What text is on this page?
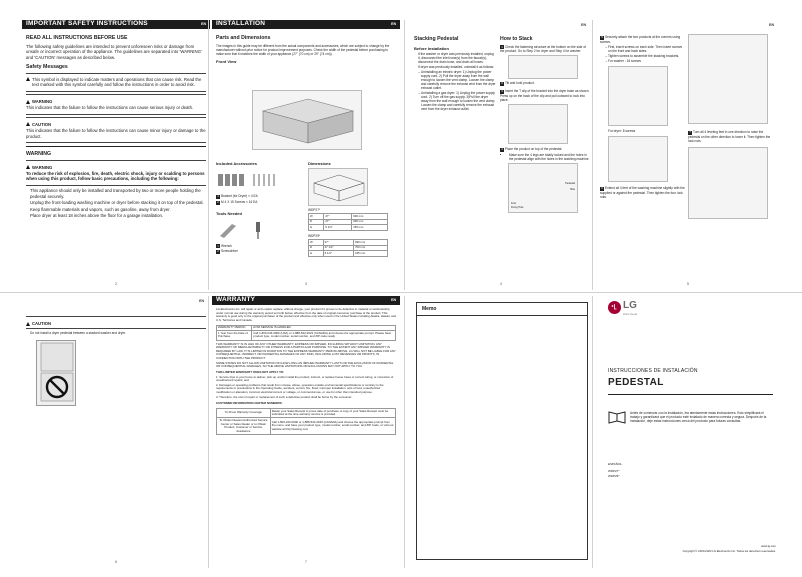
IMPORTANT SAFETY INSTRUCTIONS	EN
READ ALL INSTRUCTIONS BEFORE USE

The following safety guidelines are intended to prevent unforeseen risks or damage from unsafe or incorrect operation of the appliance. The guidelines are separated into 'WARNING' and 'CAUTION' messages as described below.

Safety Messages

This symbol is displayed to indicate matters and operations that can cause risk. Read the text marked with this symbol carefully and follow the instructions in order to avoid risk.

WARNING

This indicates that the failure to follow the instructions can cause serious injury or death.

CAUTION

This indicates that the failure to follow the instructions can cause minor injury or damage to the product.

WARNING
WARNING

To reduce the risk of explosion, fire, death, electric shock, injury or scalding to persons when using this product, follow basic precautions, including the following:

• This appliance should only be installed and transported by two or more people holding the pedestal securely.
• Unplug the front-loading washing machine or dryer before stacking it on top of the pedestal.
• Keep flammable materials and vapors, such as gasoline, away from dryer.
• Place dryer at least 18 inches above the floor for a garage installation.
2
INSTALLATION	EN
Parts and Dimensions

The images in this guide may be different from the actual components and accessories, which are subject to change by the manufacturer without prior notice for product improvement purposes. Check the width of the pedestal before purchasing to make sure that it matches the width of your appliance (27" (70 cm) or 29" (74 cm)).

Front View
Included Accessories

1 Bracket (for Dryer) × 4 EA

2 M 4 X 15 Screws × 16 EA

Tools Needed

1 Wrench

2 Screwdriver

Dimensions

WDP27*

W	27"	690 mm
D	27"	690 mm
H	6 1/4"	155 mm

WDP29*

W	27"	690 mm
D	27 1/4"	700 mm
H	6 1/4"	155 mm
3
EN
Stacking Pedestal
Before Installation
• If the washer or dryer was previously installed, unplug it, disconnect the inlet hose(s) from the faucet(s), disconnect the drain hose, and drain all hoses.
• If dryer was previously installed, uninstall it as follows:
– Uninstalling an electric dryer: 1) Unplug the power supply cord. 2) Pull the dryer away from the wall enough to loosen the vent clamp. Loosen the clamp and carefully remove the exhaust vent from the dryer exhaust outlet.
– Uninstalling a gas dryer: 1) Unplug the power supply cord. 2) Turn off the gas supply. 3)Pull the dryer away from the wall enough to loosen the vent clamp. Loosen the clamp and carefully remove the exhaust vent from the dryer exhaust outlet.
How to Stack

1 Check the fastening structure at the bottom on the side of the product. Go to Step 2 for dryer and Step 4 for washer.

2 Tilt and hold product.

3 Insert the T clip of the bracket into the dryer base as shown. Press up on the back of the clip and pull outward to lock into place.

4 Place the product on top of the pedestal.

• Make sure the 4 legs are totally locked and the holes in the pedestal align with the holes in the washing machine.
Pedestal
Hole
Foot
Fixing Hole
4
EN

5 Securely attach the two products at the corners using screws.

– First, insert screws on each side. Then insert screws on the front and back sides.
– Tighten screws to assemble the stacking brackets.
– For washer : 16 screws

For dryer: 8 screws

6 Extend all 4 feet of the washing machine slightly with the supplied or against the pedestal. Then tighten the four lock nuts.

7 Turn all 4 leveling feet in one direction to raise the pedestal on the other direction to lower it. Then tighten the lock nuts.

5
EN
CAUTION
• Do not install a dryer pedestal between a stacked washer and dryer.
6
WARRANTY	EN

LG Electronics Inc. will repair or at its option replace, without charge, your product if it proves to be defective in material or workmanship under normal use during the warranty period set forth below, effective from the date of original consumer purchase of the product. This warranty is good only to the original purchaser of the product and effective only when used in the United States including Alaska, Hawaii, and U.S. Territories and Canada.

WARRANTY PERIOD	HOW SERVICE IS HANDLED
1 Year from the Date of Purchase	Call 1-800-243-0000 (USA) or 1-888-542-2623 (CANADA) and choose the appropriate prompt. Please have product type, model number, serial number, and ZIP code ready.

THIS WARRANTY IS IN LIEU OF ANY OTHER WARRANTY, EXPRESS OR IMPLIED, INCLUDING WITHOUT LIMITATION, ANY WARRANTY OF MERCHANTABILITY OR FITNESS FOR A PARTICULAR PURPOSE. TO THE EXTENT ANY IMPLIED WARRANTY IS REQUIRED BY LAW, IT IS LIMITED IN DURATION TO THE EXPRESS WARRANTY PERIOD ABOVE. LG WILL NOT BE LIABLE FOR ANY CONSEQUENTIAL, INDIRECT, OR INCIDENTAL DAMAGES OF ANY KIND, INCLUDING LOST REVENUES OR PROFITS, IN CONNECTION WITH THE PRODUCT.

SOME STATES DO NOT ALLOW LIMITATION ON HOW LONG AN IMPLIED WARRANTY LASTS OR THE EXCLUSION OF INCIDENTAL OR CONSEQUENTIAL DAMAGES, SO THE ABOVE LIMITATIONS OR EXCLUSIONS MAY NOT APPLY TO YOU.

THIS LIMITED WARRANTY DOES NOT APPLY TO:

1. Service trips to your home to deliver, pick up, and/or install the product, instruct, or replace house fuses or correct wiring, or correction of unauthorized repairs; and

2. Damages or operating problems that result from misuse, abuse, operation outside environmental specifications or contrary to the requirements or precautions in the Operating Guide, accident, vermin, fire, flood, improper installation, acts of God, unauthorized modification or alteration, incorrect electrical current or voltage, or commercial use, or use for other than intended purpose.

3. Therefore, the cost of repair or replacement of such a defective product shall be borne by the consumer.

CUSTOMER INFORMATION CENTER NUMBERS:

To Prove Warranty Coverage	Retain your Sales Receipt to prove date of purchase. A copy of your Sales Receipt must be submitted at the time warranty service is provided.
To Obtain Nearest Authorized Service Center or Sales Dealer or to Obtain Product, Customer or Service Assistance	Call 1-800-243-0000 or 1-888-542-2623 (CANADA) and choose the appropriate prompt from the menu, and have your product type, model number, serial number, and ZIP Code, or visit our website at http://www.lg.com
7
Memo	LG
Life's Good
INSTRUCCIONES DE INSTALACIÓN
PEDESTAL

Antes de comenzar con la instalación, lea atentamente estas instrucciones. Esto simplificará el trabajo y garantizará que el producto esté instalado de manera correcta y segura. Después de la instalación, deje estas instrucciones cerca del producto para futuras consultas.

ESPAÑOL

WDP27*

WDP29*

www.lg.com

Copyright © 2020-2022 LG Electronics Inc. Todos los derechos reservados.
